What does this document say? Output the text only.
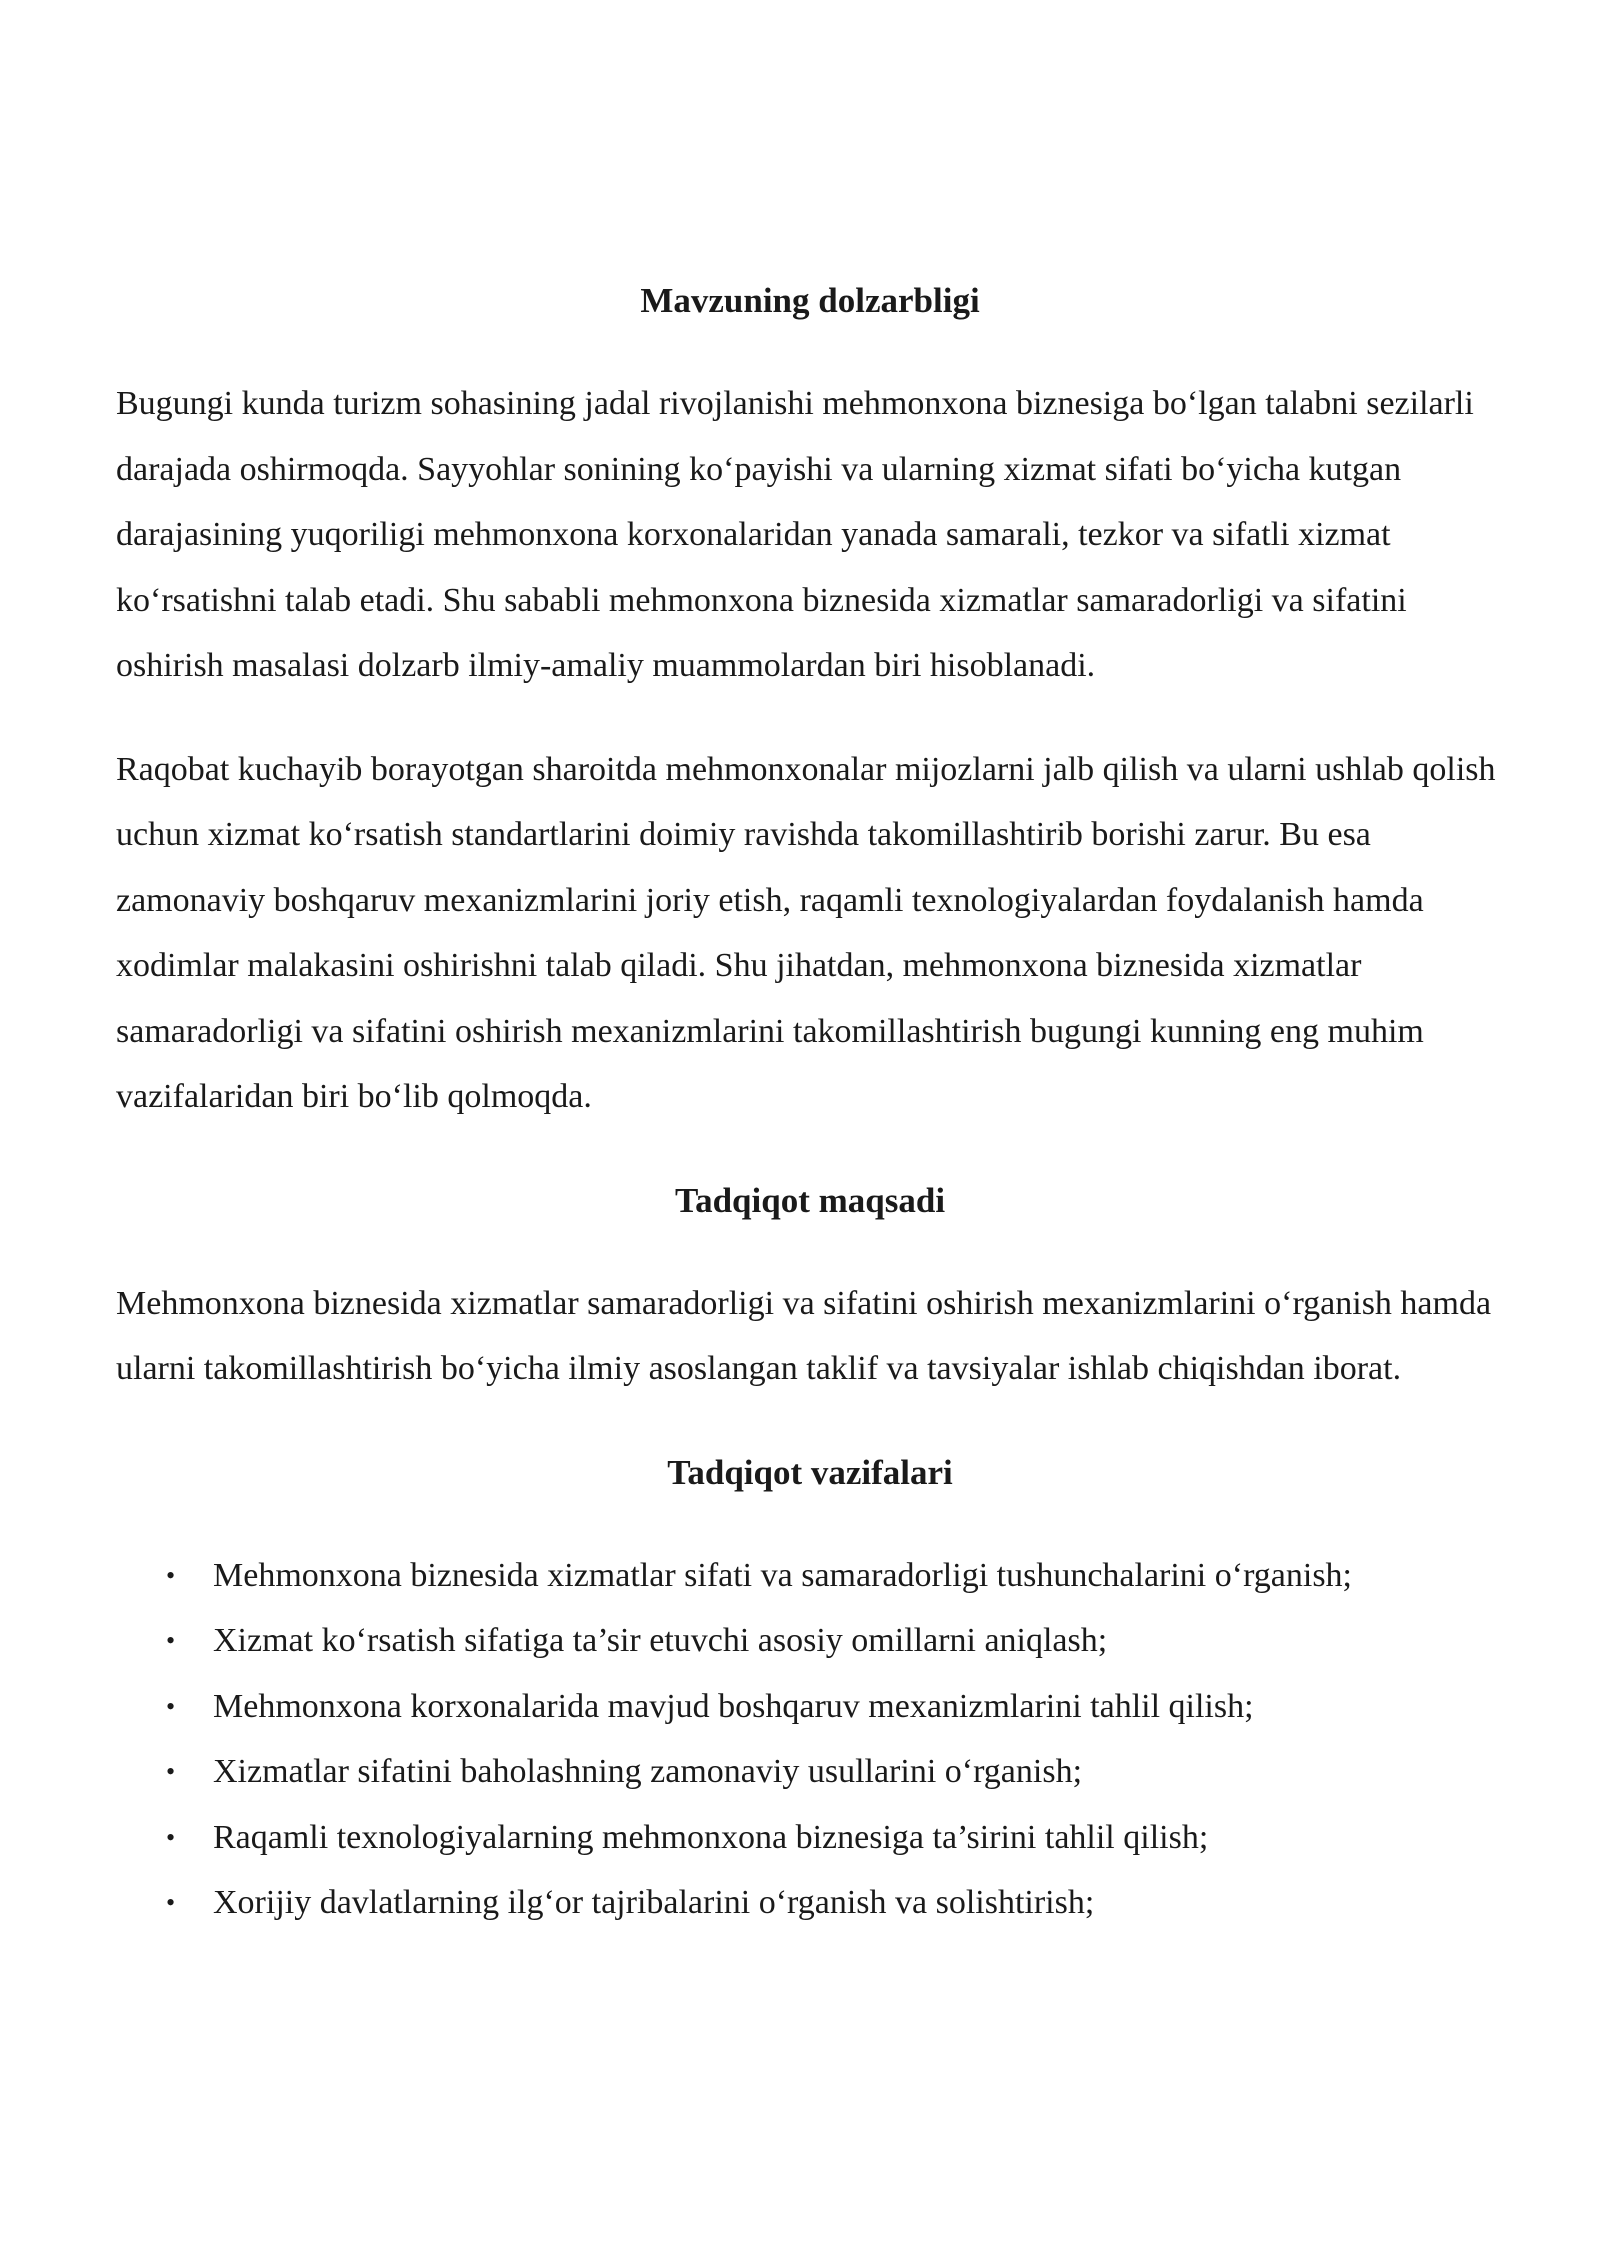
Mavzuning dolzarbligi

Bugungi kunda turizm sohasining jadal rivojlanishi mehmonxona biznesiga bo‘lgan talabni sezilarli darajada oshirmoqda. Sayyohlar sonining ko‘payishi va ularning xizmat sifati bo‘yicha kutgan darajasining yuqoriligi mehmonxona korxonalaridan yanada samarali, tezkor va sifatli xizmat ko‘rsatishni talab etadi. Shu sababli mehmonxona biznesida xizmatlar samaradorligi va sifatini oshirish masalasi dolzarb ilmiy-amaliy muammolardan biri hisoblanadi.

Raqobat kuchayib borayotgan sharoitda mehmonxonalar mijozlarni jalb qilish va ularni ushlab qolish uchun xizmat ko‘rsatish standartlarini doimiy ravishda takomillashtirib borishi zarur. Bu esa zamonaviy boshqaruv mexanizmlarini joriy etish, raqamli texnologiyalardan foydalanish hamda xodimlar malakasini oshirishni talab qiladi. Shu jihatdan, mehmonxona biznesida xizmatlar samaradorligi va sifatini oshirish mexanizmlarini takomillashtirish bugungi kunning eng muhim vazifalaridan biri bo‘lib qolmoqda.

Tadqiqot maqsadi

Mehmonxona biznesida xizmatlar samaradorligi va sifatini oshirish mexanizmlarini o‘rganish hamda ularni takomillashtirish bo‘yicha ilmiy asoslangan taklif va tavsiyalar ishlab chiqishdan iborat.

Tadqiqot vazifalari
• Mehmonxona biznesida xizmatlar sifati va samaradorligi tushunchalarini o‘rganish;
• Xizmat ko‘rsatish sifatiga ta’sir etuvchi asosiy omillarni aniqlash;
• Mehmonxona korxonalarida mavjud boshqaruv mexanizmlarini tahlil qilish;
• Xizmatlar sifatini baholashning zamonaviy usullarini o‘rganish;
• Raqamli texnologiyalarning mehmonxona biznesiga ta’sirini tahlil qilish;
• Xorijiy davlatlarning ilg‘or tajribalarini o‘rganish va solishtirish;
